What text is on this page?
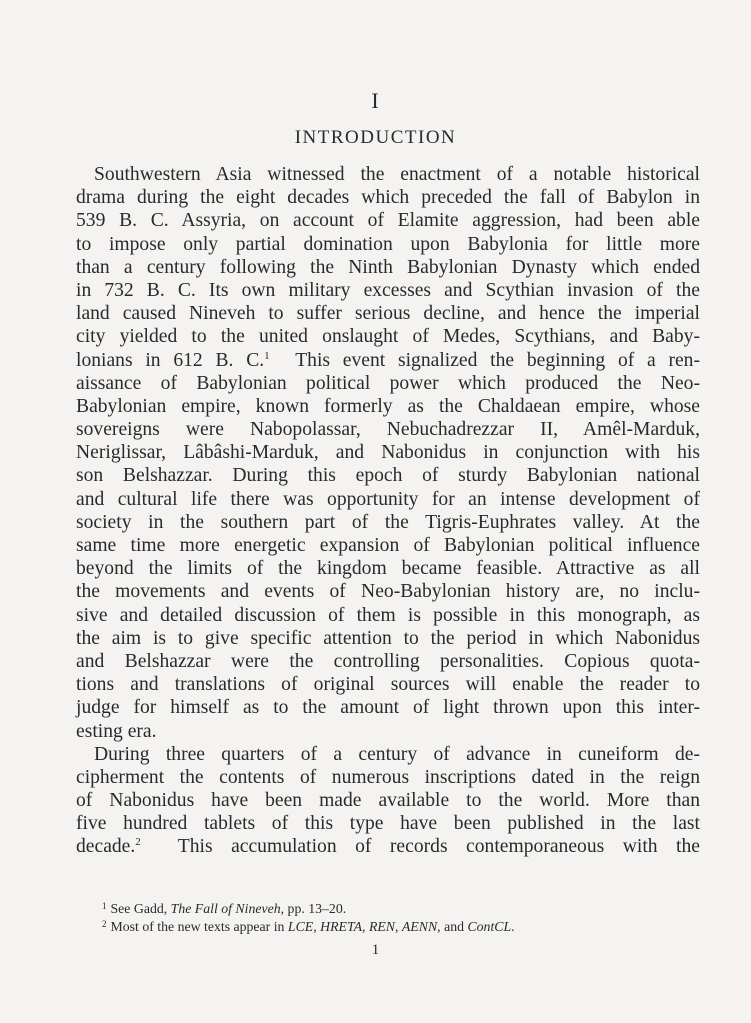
I
INTRODUCTION
Southwestern Asia witnessed the enactment of a notable historical
drama during the eight decades which preceded the fall of Babylon in
539 B. C. Assyria, on account of Elamite aggression, had been able
to impose only partial domination upon Babylonia for little more
than a century following the Ninth Babylonian Dynasty which ended
in 732 B. C. Its own military excesses and Scythian invasion of the
land caused Nineveh to suffer serious decline, and hence the imperial
city yielded to the united onslaught of Medes, Scythians, and Baby-
lonians in 612 B. C.$^1$ This event signalized the beginning of a ren-
aissance of Babylonian political power which produced the Neo-
Babylonian empire, known formerly as the Chaldaean empire, whose
sovereigns were Nabopolassar, Nebuchadrezzar II, Amêl-Marduk,
Neriglissar, Lâbâshi-Marduk, and Nabonidus in conjunction with his
son Belshazzar. During this epoch of sturdy Babylonian national
and cultural life there was opportunity for an intense development of
society in the southern part of the Tigris-Euphrates valley. At the
same time more energetic expansion of Babylonian political influence
beyond the limits of the kingdom became feasible. Attractive as all
the movements and events of Neo-Babylonian history are, no inclu-
sive and detailed discussion of them is possible in this monograph, as
the aim is to give specific attention to the period in which Nabonidus
and Belshazzar were the controlling personalities. Copious quota-
tions and translations of original sources will enable the reader to
judge for himself as to the amount of light thrown upon this inter-
esting era.
During three quarters of a century of advance in cuneiform de-
cipherment the contents of numerous inscriptions dated in the reign
of Nabonidus have been made available to the world. More than
five hundred tablets of this type have been published in the last
decade.$^2$ This accumulation of records contemporaneous with the
$^1$ See Gadd, The Fall of Nineveh, pp. 13–20.
$^2$ Most of the new texts appear in LCE, HRETA, REN, AENN, and ContCL.
1
